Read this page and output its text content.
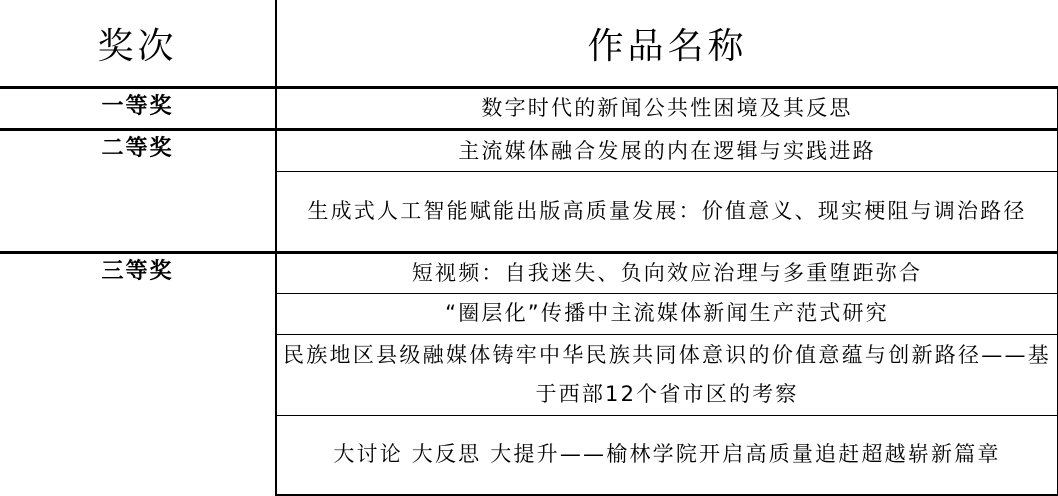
奖次	作品名称
一等奖	数字时代的新闻公共性困境及其反思
二等奖	主流媒体融合发展的内在逻辑与实践进路

	生成式人工智能赋能出版高质量发展：价值意义、现实梗阻与调治路径

三等奖	短视频：自我迷失、负向效应治理与多重堕距弥合
	“圈层化”传播中主流媒体新闻生产范式研究

	民族地区县级融媒体铸牢中华民族共同体意识的价值意蕴与创新路径——基于西部12个省市区的考察

	大讨论 大反思 大提升——榆林学院开启高质量追赶超越崭新篇章
